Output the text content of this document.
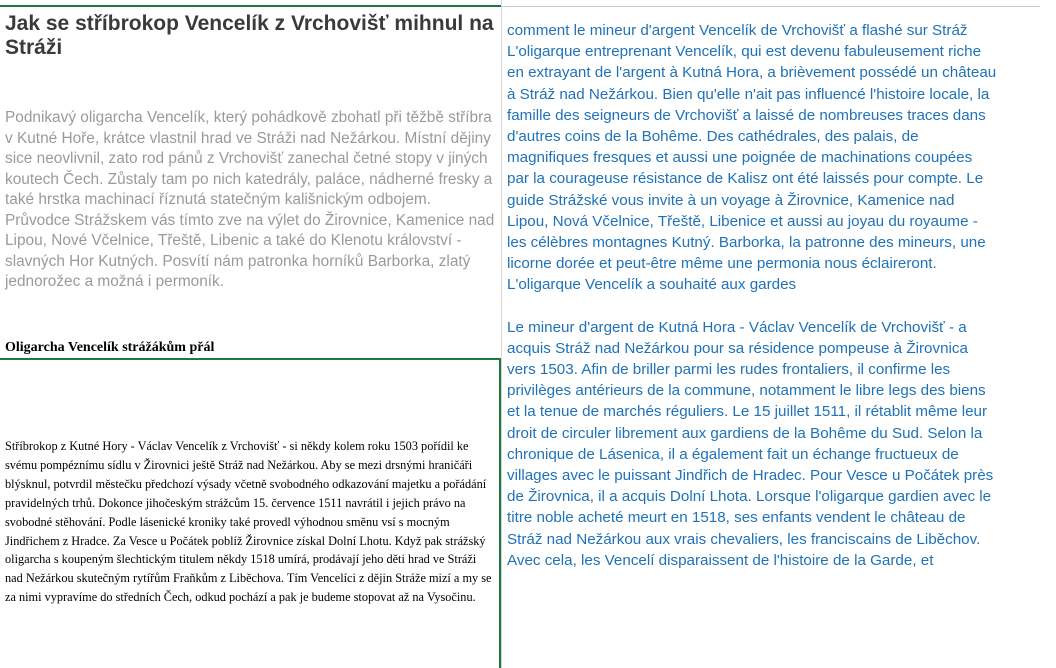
Jak se stříbrokop Vencelík z Vrchovišť mihnul na Stráži

Podnikavý oligarcha Vencelík, který pohádkově zbohatl při těžbě stříbra v Kutné Hoře, krátce vlastnil hrad ve Stráži nad Nežárkou. Místní dějiny sice neovlivnil, zato rod pánů z Vrchovišť zanechal četné stopy v jiných koutech Čech. Zůstaly tam po nich katedrály, paláce, nádherné fresky a také hrstka machinací říznutá statečným kališnickým odbojem. Průvodce Strážskem vás tímto zve na výlet do Žirovnice, Kamenice nad Lipou, Nové Včelnice, Třeště, Libenic a také do Klenotu království - slavných Hor Kutných. Posvítí nám patronka horníků Barborka, zlatý jednorožec a možná i permoník.

Oligarcha Vencelík strážákům přál

Stříbrokop z Kutné Hory - Václav Vencelík z Vrchovišť - si někdy kolem roku 1503 pořídil ke svému pompéznímu sídlu v Žirovnici ještě Stráž nad Nežárkou. Aby se mezi drsnými hraničáři blýsknul, potvrdil městečku předchozí výsady včetně svobodného odkazování majetku a pořádání pravidelných trhů. Dokonce jihočeským strážcům 15. července 1511 navrátil i jejich právo na svobodné stěhování. Podle lásenické kroniky také provedl výhodnou směnu vsí s mocným Jindřichem z Hradce. Za Vesce u Počátek poblíž Žirovnice získal Dolní Lhotu. Když pak strážský oligarcha s koupeným šlechtickým titulem někdy 1518 umírá, prodávají jeho děti hrad ve Stráži nad Nežárkou skutečným rytířům Fraňkům z Liběchova. Tím Vencelíci z dějin Stráže mizí a my se za nimi vypravíme do středních Čech, odkud pochází a pak je budeme stopovat až na Vysočinu.

comment le mineur d'argent Vencelík de Vrchovišť a flashé sur Stráž

L'oligarque entreprenant Vencelík, qui est devenu fabuleusement riche en extrayant de l'argent à Kutná Hora, a brièvement possédé un château à Stráž nad Nežárkou. Bien qu'elle n'ait pas influencé l'histoire locale, la famille des seigneurs de Vrchovišť a laissé de nombreuses traces dans d'autres coins de la Bohême. Des cathédrales, des palais, de magnifiques fresques et aussi une poignée de machinations coupées par la courageuse résistance de Kalisz ont été laissés pour compte. Le guide Strážské vous invite à un voyage à Žirovnice, Kamenice nad Lipou, Nová Včelnice, Třeště, Libenice et aussi au joyau du royaume - les célèbres montagnes Kutný. Barborka, la patronne des mineurs, une licorne dorée et peut-être même une permonia nous éclaireront.

L'oligarque Vencelík a souhaité aux gardes

Le mineur d'argent de Kutná Hora - Václav Vencelík de Vrchovišť - a acquis Stráž nad Nežárkou pour sa résidence pompeuse à Žirovnica vers 1503. Afin de briller parmi les rudes frontaliers, il confirme les privilèges antérieurs de la commune, notamment le libre legs des biens et la tenue de marchés réguliers. Le 15 juillet 1511, il rétablit même leur droit de circuler librement aux gardiens de la Bohême du Sud. Selon la chronique de Lásenica, il a également fait un échange fructueux de villages avec le puissant Jindřich de Hradec. Pour Vesce u Počátek près de Žirovnica, il a acquis Dolní Lhota. Lorsque l'oligarque gardien avec le titre noble acheté meurt en 1518, ses enfants vendent le château de Stráž nad Nežárkou aux vrais chevaliers, les franciscains de Liběchov. Avec cela, les Vencelí disparaissent de l'histoire de la Garde, et
